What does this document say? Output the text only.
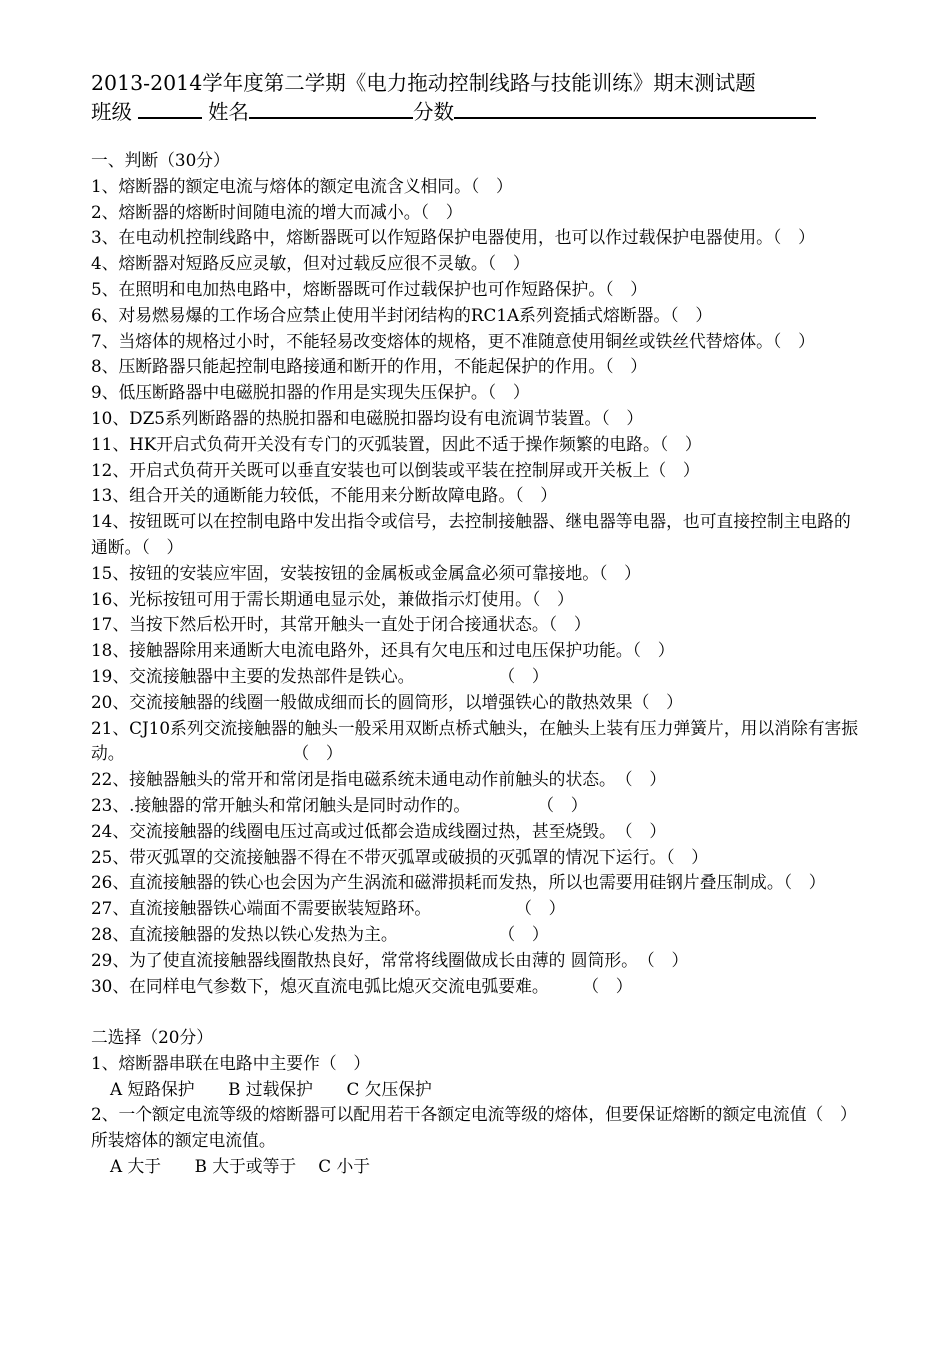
2013-2014学年度第二学期《电力拖动控制线路与技能训练》期末测试题
班级	姓名	分数
一、判断（30分）
1、熔断器的额定电流与熔体的额定电流含义相同。（　）
2、熔断器的熔断时间随电流的增大而减小。（　）
3、在电动机控制线路中，熔断器既可以作短路保护电器使用，也可以作过载保护电器使用。（　）
4、熔断器对短路反应灵敏，但对过载反应很不灵敏。（　）
5、在照明和电加热电路中，熔断器既可作过载保护也可作短路保护。（　）
6、对易燃易爆的工作场合应禁止使用半封闭结构的RC1A系列瓷插式熔断器。（　）
7、当熔体的规格过小时，不能轻易改变熔体的规格，更不准随意使用铜丝或铁丝代替熔体。（　）
8、压断路器只能起控制电路接通和断开的作用，不能起保护的作用。（　）
9、低压断路器中电磁脱扣器的作用是实现失压保护。（　）
10、DZ5系列断路器的热脱扣器和电磁脱扣器均设有电流调节装置。（　）
11、HK开启式负荷开关没有专门的灭弧装置，因此不适于操作频繁的电路。（　）
12、开启式负荷开关既可以垂直安装也可以倒装或平装在控制屏或开关板上（　）
13、组合开关的通断能力较低，不能用来分断故障电路。（　）
14、按钮既可以在控制电路中发出指令或信号，去控制接触器、继电器等电器，也可直接控制主电路的通断。（　）
15、按钮的安装应牢固，安装按钮的金属板或金属盒必须可靠接地。（　）
16、光标按钮可用于需长期通电显示处，兼做指示灯使用。（　）
17、当按下然后松开时，其常开触头一直处于闭合接通状态。（　）
18、接触器除用来通断大电流电路外，还具有欠电压和过电压保护功能。（　）
19、交流接触器中主要的发热部件是铁心。　　　　　　（　）
20、交流接触器的线圈一般做成细而长的圆筒形，以增强铁心的散热效果（　）
21、CJ10系列交流接触器的触头一般采用双断点桥式触头，在触头上装有压力弹簧片，用以消除有害振动。　　　　　　　　　　　（　）
22、接触器触头的常开和常闭是指电磁系统未通电动作前触头的状态。　（　）
23、.接触器的常开触头和常闭触头是同时动作的。　　　　　（　）
24、交流接触器的线圈电压过高或过低都会造成线圈过热，甚至烧毁。　（　）
25、带灭弧罩的交流接触器不得在不带灭弧罩或破损的灭弧罩的情况下运行。（　）
26、直流接触器的铁心也会因为产生涡流和磁滞损耗而发热，所以也需要用硅钢片叠压制成。（　）
27、直流接触器铁心端面不需要嵌装短路环。　　　　　　（　）
28、直流接触器的发热以铁心发热为主。　　　　　　　（　）
29、为了使直流接触器线圈散热良好，常常将线圈做成长由薄的 圆筒形。　（　）
30、在同样电气参数下，熄灭直流电弧比熄灭交流电弧要难。　　　（　）
二选择（20分）
1、熔断器串联在电路中主要作（　）
A 短路保护　　B 过载保护　　C 欠压保护
2、一个额定电流等级的熔断器可以配用若干各额定电流等级的熔体，但要保证熔断的额定电流值（　）所装熔体的额定电流值。
A 大于　　B 大于或等于　 C 小于
